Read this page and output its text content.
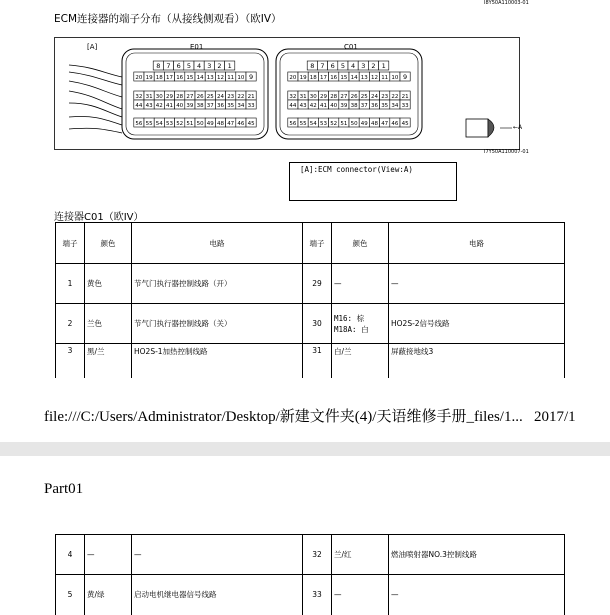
I8Y50A110003-01
ECM连接器的端子分布（从接线侧观看）（欧IV）
8 7 6 5 4 3 2 1
20 19 18 17 16 15 14 13 12 11 10 9
32 31 30 29 28 27 26 25 24 23 22 21
44 43 42 41 40 39 38 37 36 35 34 33
56 55 54 53 52 51 50 49 48 47 46 45
8 7 6 5 4 3 2 1
20 19 18 17 16 15 14 13 12 11 10 9
32 31 30 29 28 27 26 25 24 23 22 21
44 43 42 41 40 39 38 37 36 35 34 33
56 55 54 53 52 51 50 49 48 47 46 45
[A]	E01	C01
←A
I7Y50A110007-01
[A]:ECM connector(View:A)
连接器C01（欧IV）
端子	颜色	电路	端子	颜色	电路
1	黄色	节气门执行器控制线路（开）	29	—	—
2	兰色	节气门执行器控制线路（关）	30	M16: 棕
M18A: 白	HO2S-2信号线路
3	黑/兰	HO2S-1加热控制线路	31	白/兰	屏蔽接地线3
file:///C:/Users/Administrator/Desktop/新建文件夹(4)/天语维修手册_files/1... 2017/1
Part01
4	—	—	32	兰/红	燃油喷射器NO.3控制线路
5	黄/绿	启动电机继电器信号线路	33	—	—
